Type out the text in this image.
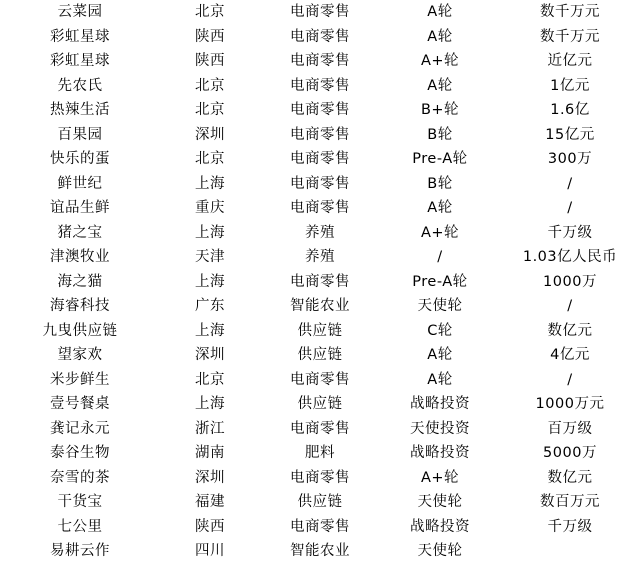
云菜园	北京	电商零售	A轮	数千万元
彩虹星球	陕西	电商零售	A轮	数千万元
彩虹星球	陕西	电商零售	A+轮	近亿元
先农氏	北京	电商零售	A轮	1亿元
热辣生活	北京	电商零售	B+轮	1.6亿
百果园	深圳	电商零售	B轮	15亿元
快乐的蛋	北京	电商零售	Pre-A轮	300万
鲜世纪	上海	电商零售	B轮	/
谊品生鲜	重庆	电商零售	A轮	/
猪之宝	上海	养殖	A+轮	千万级
津澳牧业	天津	养殖	/	1.03亿人民币
海之猫	上海	电商零售	Pre-A轮	1000万
海睿科技	广东	智能农业	天使轮	/
九曳供应链	上海	供应链	C轮	数亿元
望家欢	深圳	供应链	A轮	4亿元
米步鲜生	北京	电商零售	A轮	/
壹号餐桌	上海	供应链	战略投资	1000万元
龚记永元	浙江	电商零售	天使投资	百万级
泰谷生物	湖南	肥料	战略投资	5000万
奈雪的茶	深圳	电商零售	A+轮	数亿元
干货宝	福建	供应链	天使轮	数百万元
七公里	陕西	电商零售	战略投资	千万级
易耕云作	四川	智能农业	天使轮	
